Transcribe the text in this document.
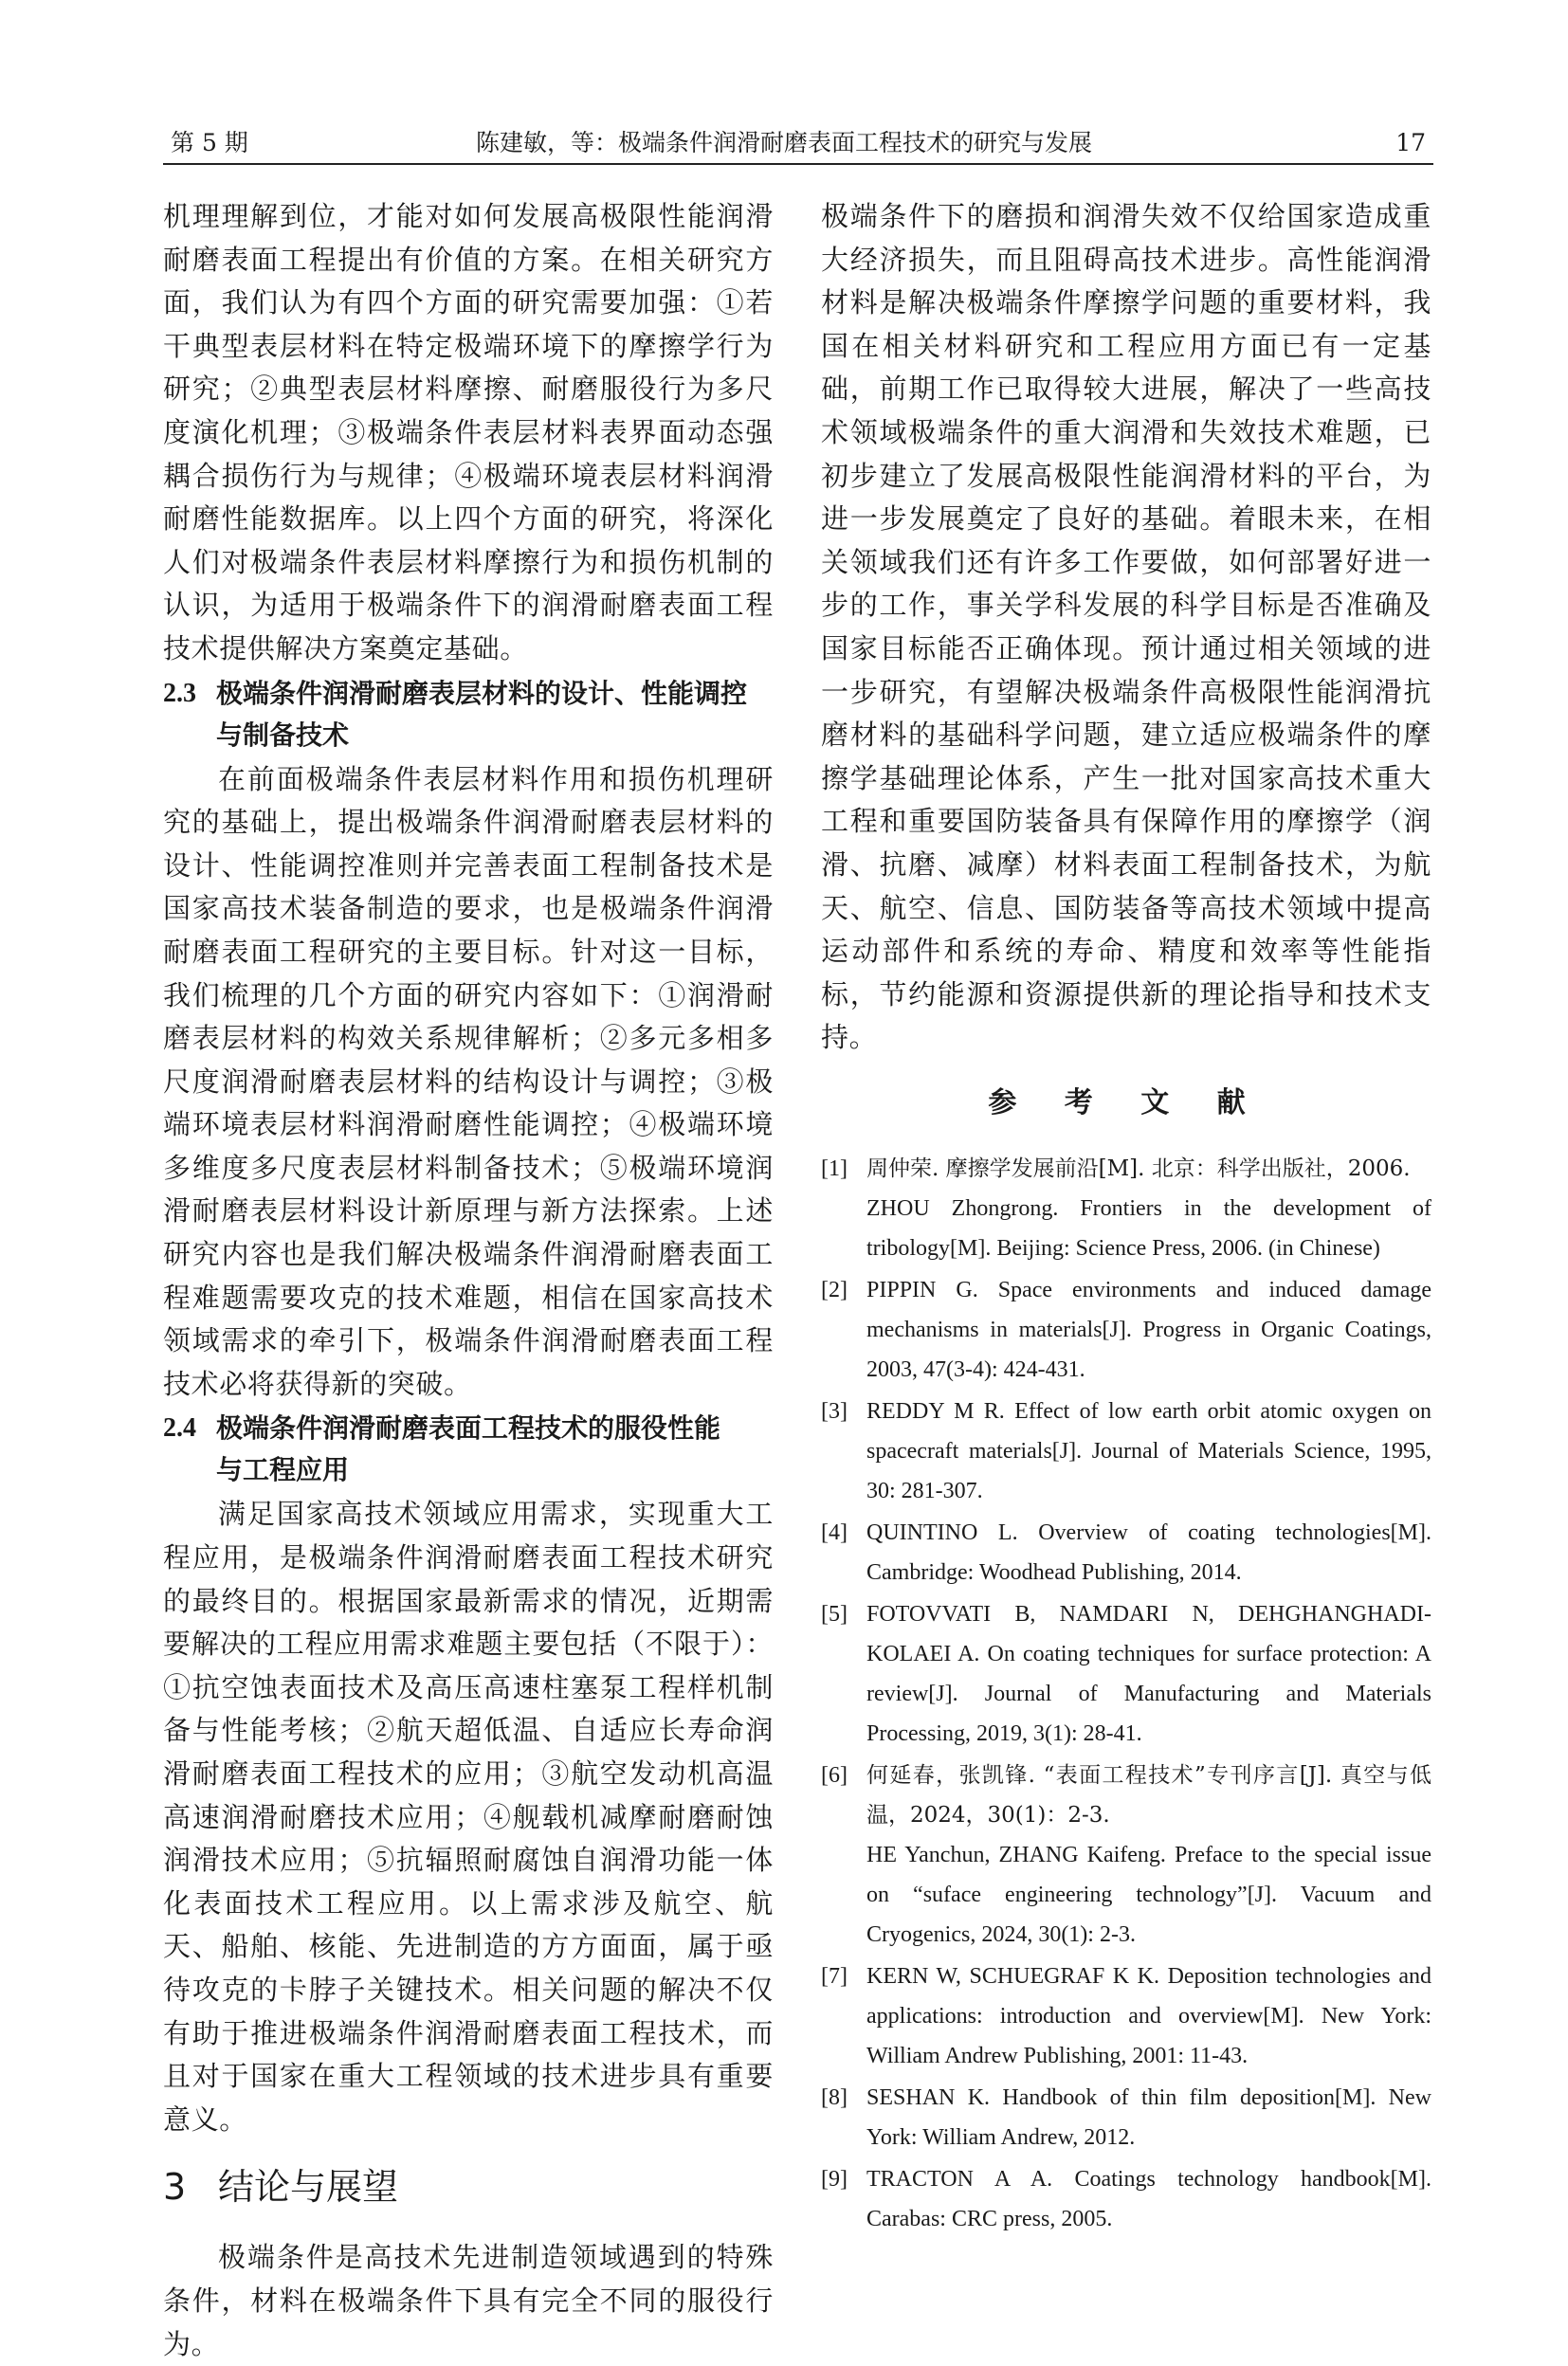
第 5 期	陈建敏，等：极端条件润滑耐磨表面工程技术的研究与发展	17

机理理解到位，才能对如何发展高极限性能润滑耐磨表面工程提出有价值的方案。在相关研究方面，我们认为有四个方面的研究需要加强：①若干典型表层材料在特定极端环境下的摩擦学行为研究；②典型表层材料摩擦、耐磨服役行为多尺度演化机理；③极端条件表层材料表界面动态强耦合损伤行为与规律；④极端环境表层材料润滑耐磨性能数据库。以上四个方面的研究，将深化人们对极端条件表层材料摩擦行为和损伤机制的认识，为适用于极端条件下的润滑耐磨表面工程技术提供解决方案奠定基础。

2.3 极端条件润滑耐磨表层材料的设计、性能调控
与制备技术

在前面极端条件表层材料作用和损伤机理研究的基础上，提出极端条件润滑耐磨表层材料的设计、性能调控准则并完善表面工程制备技术是国家高技术装备制造的要求，也是极端条件润滑耐磨表面工程研究的主要目标。针对这一目标，我们梳理的几个方面的研究内容如下：①润滑耐磨表层材料的构效关系规律解析；②多元多相多尺度润滑耐磨表层材料的结构设计与调控；③极端环境表层材料润滑耐磨性能调控；④极端环境多维度多尺度表层材料制备技术；⑤极端环境润滑耐磨表层材料设计新原理与新方法探索。上述研究内容也是我们解决极端条件润滑耐磨表面工程难题需要攻克的技术难题，相信在国家高技术领域需求的牵引下，极端条件润滑耐磨表面工程技术必将获得新的突破。

2.4 极端条件润滑耐磨表面工程技术的服役性能
与工程应用

满足国家高技术领域应用需求，实现重大工程应用，是极端条件润滑耐磨表面工程技术研究的最终目的。根据国家最新需求的情况，近期需要解决的工程应用需求难题主要包括（不限于）：①抗空蚀表面技术及高压高速柱塞泵工程样机制备与性能考核；②航天超低温、自适应长寿命润滑耐磨表面工程技术的应用；③航空发动机高温高速润滑耐磨技术应用；④舰载机减摩耐磨耐蚀润滑技术应用；⑤抗辐照耐腐蚀自润滑功能一体化表面技术工程应用。以上需求涉及航空、航天、船舶、核能、先进制造的方方面面，属于亟待攻克的卡脖子关键技术。相关问题的解决不仅有助于推进极端条件润滑耐磨表面工程技术，而且对于国家在重大工程领域的技术进步具有重要意义。

3 结论与展望

极端条件是高技术先进制造领域遇到的特殊条件，材料在极端条件下具有完全不同的服役行为。

极端条件下的磨损和润滑失效不仅给国家造成重大经济损失，而且阻碍高技术进步。高性能润滑材料是解决极端条件摩擦学问题的重要材料，我国在相关材料研究和工程应用方面已有一定基础，前期工作已取得较大进展，解决了一些高技术领域极端条件的重大润滑和失效技术难题，已初步建立了发展高极限性能润滑材料的平台，为进一步发展奠定了良好的基础。着眼未来，在相关领域我们还有许多工作要做，如何部署好进一步的工作，事关学科发展的科学目标是否准确及国家目标能否正确体现。预计通过相关领域的进一步研究，有望解决极端条件高极限性能润滑抗磨材料的基础科学问题，建立适应极端条件的摩擦学基础理论体系，产生一批对国家高技术重大工程和重要国防装备具有保障作用的摩擦学（润滑、抗磨、减摩）材料表面工程制备技术，为航天、航空、信息、国防装备等高技术领域中提高运动部件和系统的寿命、精度和效率等性能指标，节约能源和资源提供新的理论指导和技术支持。

参 考 文 献
[1] 周仲荣. 摩擦学发展前沿[M]. 北京：科学出版社，2006.
ZHOU Zhongrong. Frontiers in the development of tribology[M]. Beijing: Science Press, 2006. (in Chinese)
[2] PIPPIN G. Space environments and induced damage mechanisms in materials[J]. Progress in Organic Coatings, 2003, 47(3-4): 424-431.
[3] REDDY M R. Effect of low earth orbit atomic oxygen on spacecraft materials[J]. Journal of Materials Science, 1995, 30: 281-307.
[4] QUINTINO L. Overview of coating technologies[M]. Cambridge: Woodhead Publishing, 2014.
[5] FOTOVVATI B, NAMDARI N, DEHGHANGHADI-KOLAEI A. On coating techniques for surface protection: A review[J]. Journal of Manufacturing and Materials Processing, 2019, 3(1): 28-41.
[6] 何延春，张凯锋. “表面工程技术”专刊序言[J]. 真空与低温，2024，30(1)：2-3.
HE Yanchun, ZHANG Kaifeng. Preface to the special issue on “suface engineering technology”[J]. Vacuum and Cryogenics, 2024, 30(1): 2-3.
[7] KERN W, SCHUEGRAF K K. Deposition technologies and applications: introduction and overview[M]. New York: William Andrew Publishing, 2001: 11-43.
[8] SESHAN K. Handbook of thin film deposition[M]. New York: William Andrew, 2012.
[9] TRACTON A A. Coatings technology handbook[M]. Carabas: CRC press, 2005.
